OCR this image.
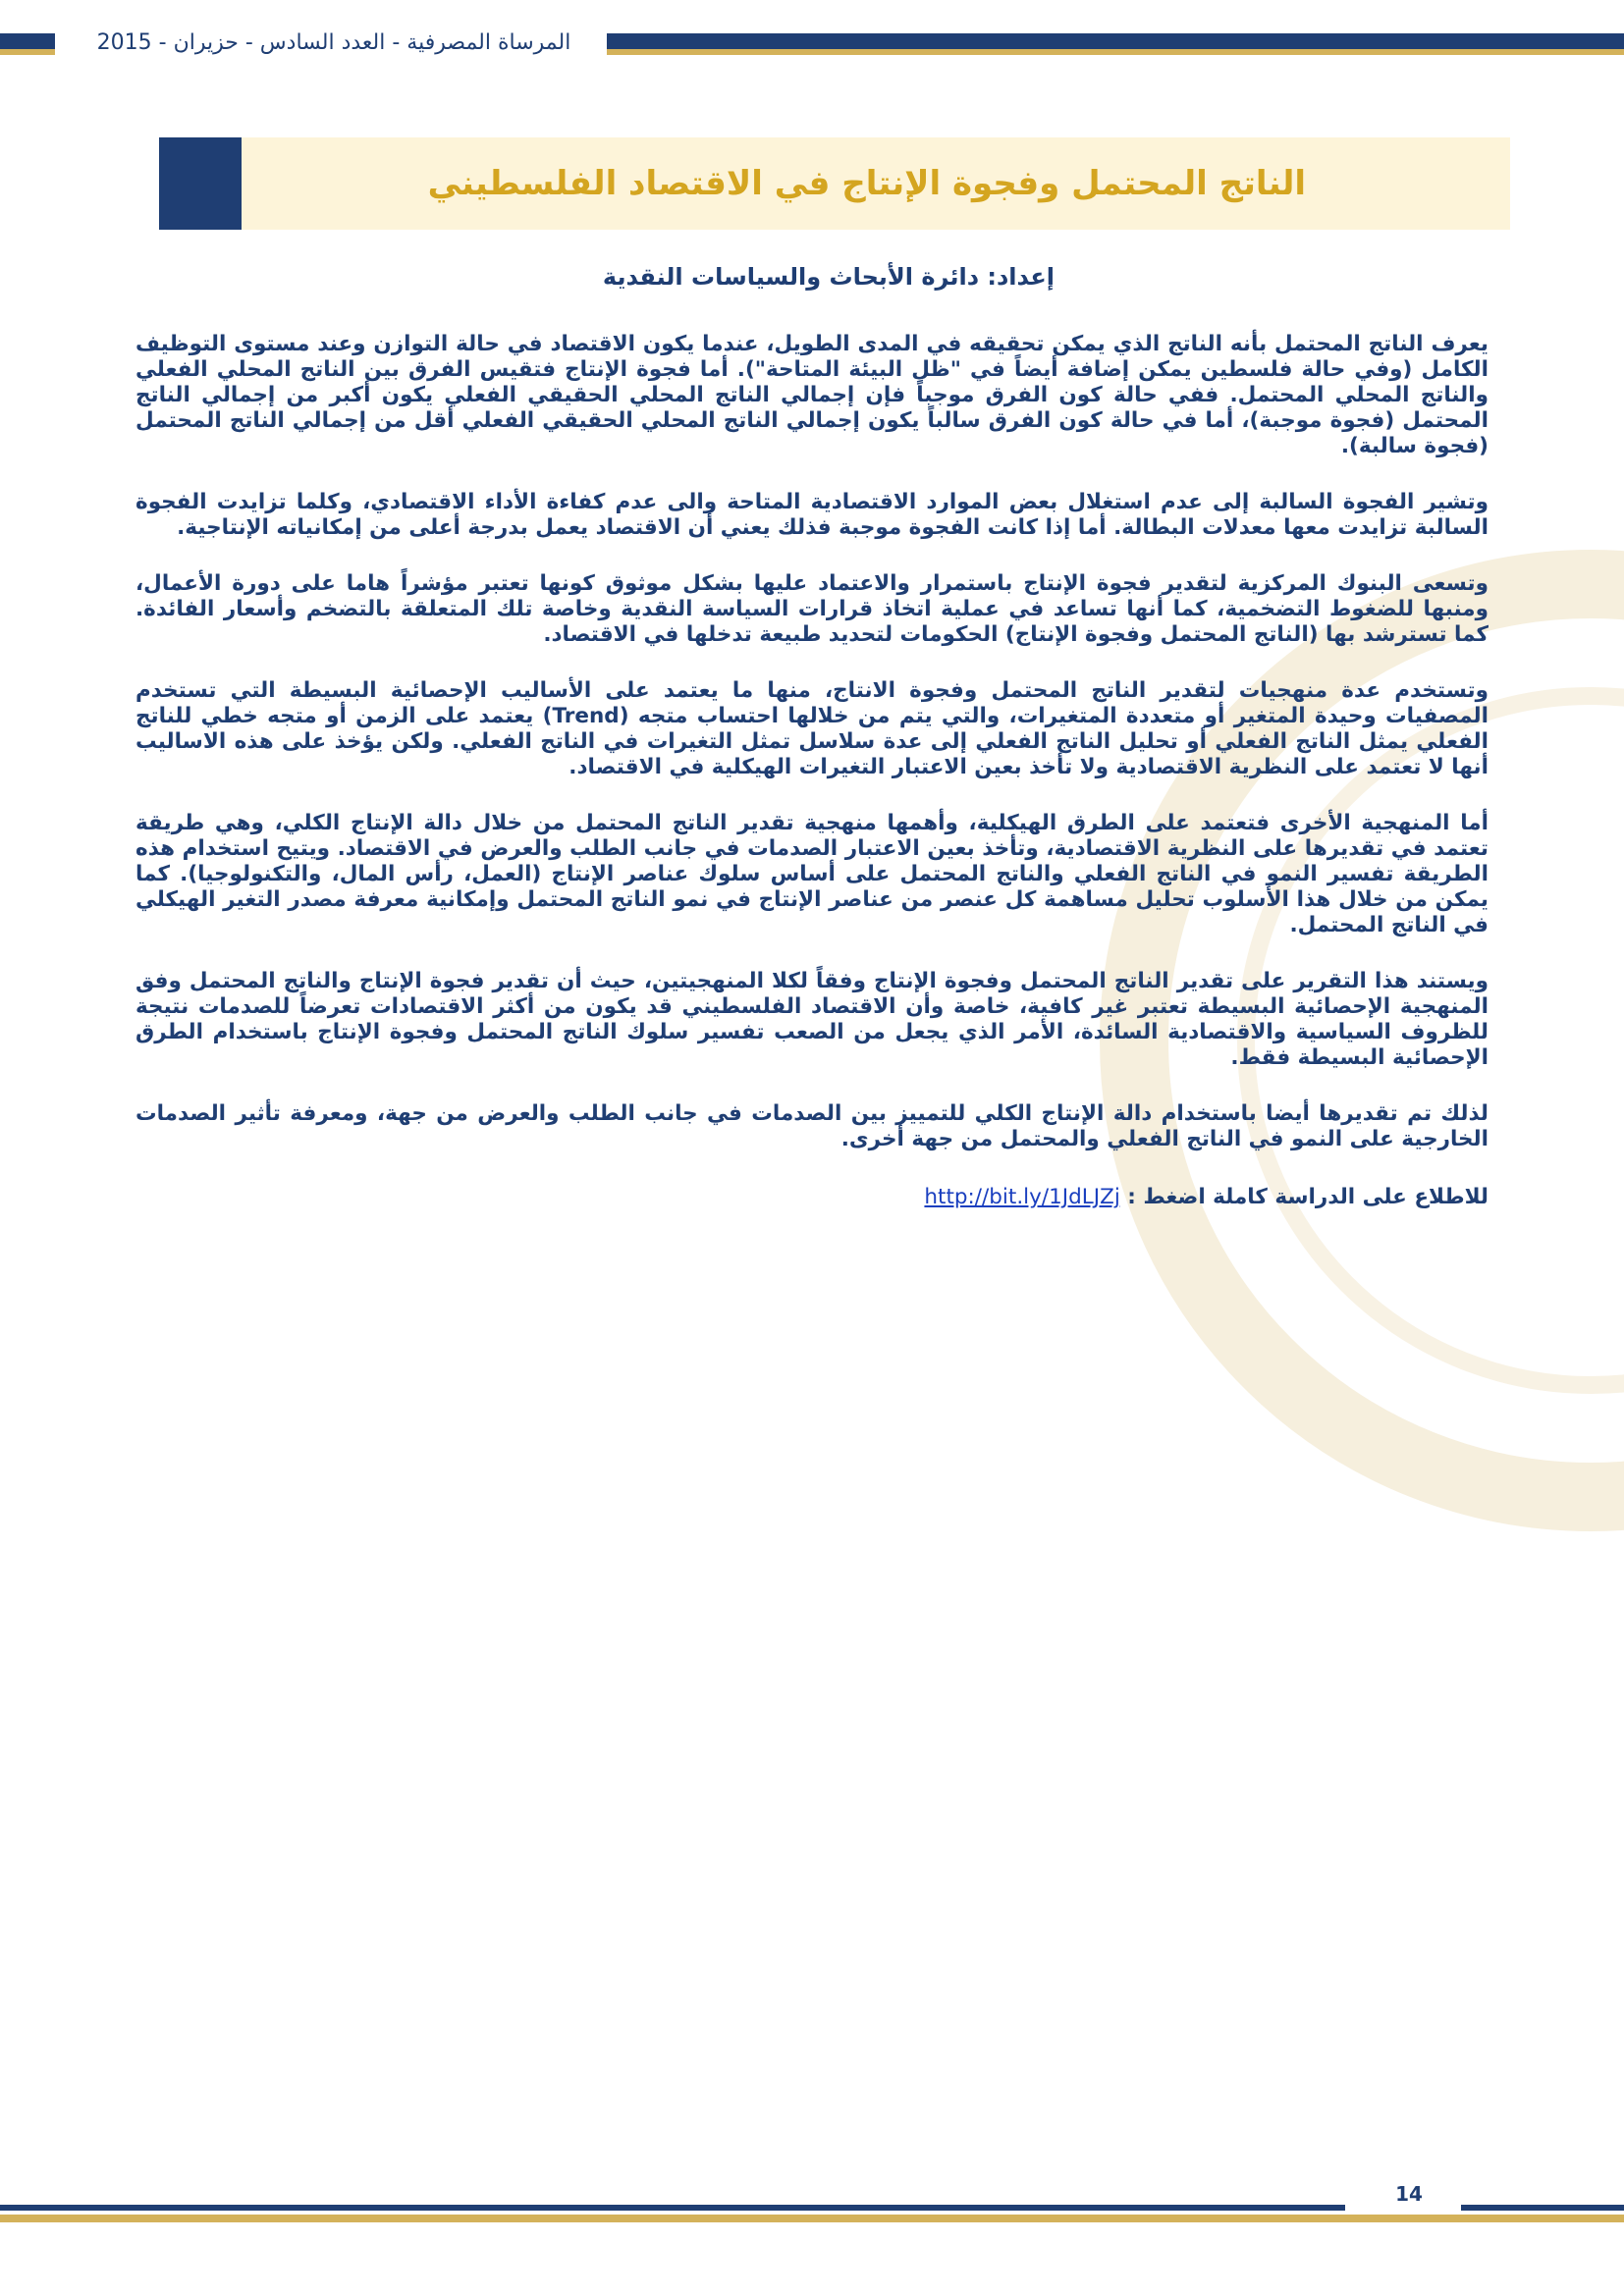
المرساة المصرفية - العدد السادس - حزيران - 2015
الناتج المحتمل وفجوة الإنتاج في الاقتصاد الفلسطيني
إعداد: دائرة الأبحاث والسياسات النقدية

يعرف الناتج المحتمل بأنه الناتج الذي يمكن تحقيقه في المدى الطويل، عندما يكون الاقتصاد في حالة التوازن وعند مستوى التوظيف الكامل (وفي حالة فلسطين يمكن إضافة أيضاً في "ظل البيئة المتاحة"). أما فجوة الإنتاج فتقيس الفرق بين الناتج المحلي الفعلي والناتج المحلي المحتمل. ففي حالة كون الفرق موجباً فإن إجمالي الناتج المحلي الحقيقي الفعلي يكون أكبر من إجمالي الناتج المحتمل (فجوة موجبة)، أما في حالة كون الفرق سالباً يكون إجمالي الناتج المحلي الحقيقي الفعلي أقل من إجمالي الناتج المحتمل (فجوة سالبة).

وتشير الفجوة السالبة إلى عدم استغلال بعض الموارد الاقتصادية المتاحة والى عدم كفاءة الأداء الاقتصادي، وكلما تزايدت الفجوة السالبة تزايدت معها معدلات البطالة. أما إذا كانت الفجوة موجبة فذلك يعني أن الاقتصاد يعمل بدرجة أعلى من إمكانياته الإنتاجية.

وتسعى البنوك المركزية لتقدير فجوة الإنتاج باستمرار والاعتماد عليها بشكل موثوق كونها تعتبر مؤشراً هاما على دورة الأعمال، ومنبها للضغوط التضخمية، كما أنها تساعد في عملية اتخاذ قرارات السياسة النقدية وخاصة تلك المتعلقة بالتضخم وأسعار الفائدة. كما تسترشد بها (الناتج المحتمل وفجوة الإنتاج) الحكومات لتحديد طبيعة تدخلها في الاقتصاد.

وتستخدم عدة منهجيات لتقدير الناتج المحتمل وفجوة الانتاج، منها ما يعتمد على الأساليب الإحصائية البسيطة التي تستخدم المصفيات وحيدة المتغير أو متعددة المتغيرات، والتي يتم من خلالها احتساب متجه (Trend) يعتمد على الزمن أو متجه خطي للناتج الفعلي يمثل الناتج الفعلي أو تحليل الناتج الفعلي إلى عدة سلاسل تمثل التغيرات في الناتج الفعلي. ولكن يؤخذ على هذه الاساليب أنها لا تعتمد على النظرية الاقتصادية ولا تأخذ بعين الاعتبار التغيرات الهيكلية في الاقتصاد.

أما المنهجية الأخرى فتعتمد على الطرق الهيكلية، وأهمها منهجية تقدير الناتج المحتمل من خلال دالة الإنتاج الكلي، وهي طريقة تعتمد في تقديرها على النظرية الاقتصادية، وتأخذ بعين الاعتبار الصدمات في جانب الطلب والعرض في الاقتصاد. ويتيح استخدام هذه الطريقة تفسير النمو في الناتج الفعلي والناتج المحتمل على أساس سلوك عناصر الإنتاج (العمل، رأس المال، والتكنولوجيا). كما يمكن من خلال هذا الأسلوب تحليل مساهمة كل عنصر من عناصر الإنتاج في نمو الناتج المحتمل وإمكانية معرفة مصدر التغير الهيكلي في الناتج المحتمل.

ويستند هذا التقرير على تقدير الناتج المحتمل وفجوة الإنتاج وفقاً لكلا المنهجيتين، حيث أن تقدير فجوة الإنتاج والناتج المحتمل وفق المنهجية الإحصائية البسيطة تعتبر غير كافية، خاصة وأن الاقتصاد الفلسطيني قد يكون من أكثر الاقتصادات تعرضاً للصدمات نتيجة للظروف السياسية والاقتصادية السائدة، الأمر الذي يجعل من الصعب تفسير سلوك الناتج المحتمل وفجوة الإنتاج باستخدام الطرق الإحصائية البسيطة فقط.

لذلك تم تقديرها أيضا باستخدام دالة الإنتاج الكلي للتمييز بين الصدمات في جانب الطلب والعرض من جهة، ومعرفة تأثير الصدمات الخارجية على النمو في الناتج الفعلي والمحتمل من جهة أخرى.

للاطلاع على الدراسة كاملة اضغط : http://bit.ly/1JdLJZj
14
